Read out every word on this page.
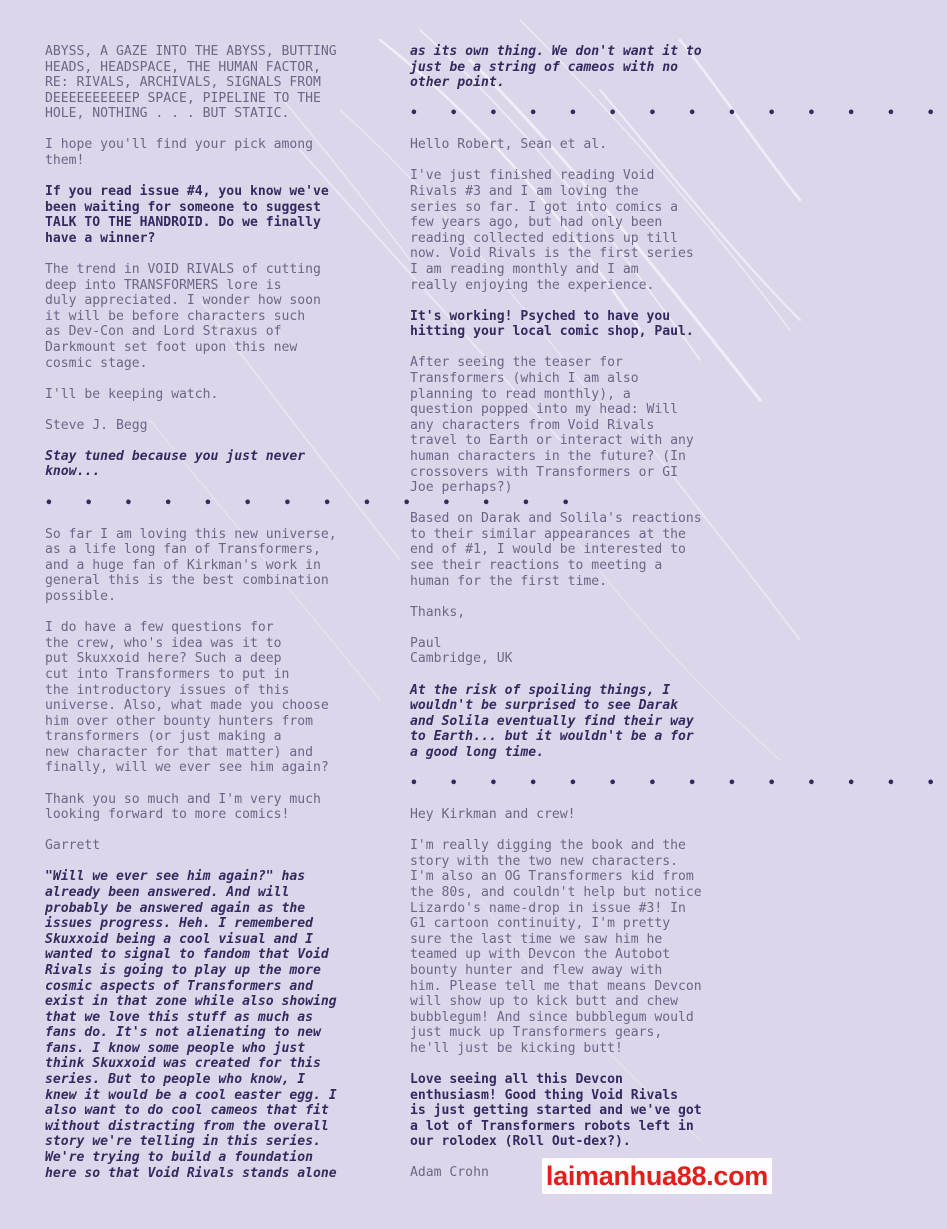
ABYSS, A GAZE INTO THE ABYSS, BUTTING
HEADS, HEADSPACE, THE HUMAN FACTOR,
RE: RIVALS, ARCHIVALS, SIGNALS FROM
DEEEEEEEEEEP SPACE, PIPELINE TO THE
HOLE, NOTHING . . . BUT STATIC.

I hope you'll find your pick among
them!

If you read issue #4, you know we've
been waiting for someone to suggest
TALK TO THE HANDROID. Do we finally
have a winner?

The trend in VOID RIVALS of cutting
deep into TRANSFORMERS lore is
duly appreciated. I wonder how soon
it will be before characters such
as Dev-Con and Lord Straxus of
Darkmount set foot upon this new
cosmic stage.

I'll be keeping watch.

Steve J. Begg

Stay tuned because you just never
know...

• • • • • • • • • • • • • •

So far I am loving this new universe,
as a life long fan of Transformers,
and a huge fan of Kirkman's work in
general this is the best combination
possible.

I do have a few questions for
the crew, who's idea was it to
put Skuxxoid here? Such a deep
cut into Transformers to put in
the introductory issues of this
universe. Also, what made you choose
him over other bounty hunters from
transformers (or just making a
new character for that matter) and
finally, will we ever see him again?

Thank you so much and I'm very much
looking forward to more comics!

Garrett

"Will we ever see him again?" has
already been answered. And will
probably be answered again as the
issues progress. Heh. I remembered
Skuxxoid being a cool visual and I
wanted to signal to fandom that Void
Rivals is going to play up the more
cosmic aspects of Transformers and
exist in that zone while also showing
that we love this stuff as much as
fans do. It's not alienating to new
fans. I know some people who just
think Skuxxoid was created for this
series. But to people who know, I
knew it would be a cool easter egg. I
also want to do cool cameos that fit
without distracting from the overall
story we're telling in this series.
We're trying to build a foundation
here so that Void Rivals stands alone

as its own thing. We don't want it to
just be a string of cameos with no
other point.

• • • • • • • • • • • • • •

Hello Robert, Sean et al.

I've just finished reading Void
Rivals #3 and I am loving the
series so far. I got into comics a
few years ago, but had only been
reading collected editions up till
now. Void Rivals is the first series
I am reading monthly and I am
really enjoying the experience.

It's working! Psyched to have you
hitting your local comic shop, Paul.

After seeing the teaser for
Transformers (which I am also
planning to read monthly), a
question popped into my head: Will
any characters from Void Rivals
travel to Earth or interact with any
human characters in the future? (In
crossovers with Transformers or GI
Joe perhaps?)

Based on Darak and Solila's reactions
to their similar appearances at the
end of #1, I would be interested to
see their reactions to meeting a
human for the first time.

Thanks,

Paul
Cambridge, UK

At the risk of spoiling things, I
wouldn't be surprised to see Darak
and Solila eventually find their way
to Earth... but it wouldn't be a for
a good long time.

• • • • • • • • • • • • • •

Hey Kirkman and crew!

I'm really digging the book and the
story with the two new characters.
I'm also an OG Transformers kid from
the 80s, and couldn't help but notice
Lizardo's name-drop in issue #3! In
G1 cartoon continuity, I'm pretty
sure the last time we saw him he
teamed up with Devcon the Autobot
bounty hunter and flew away with
him. Please tell me that means Devcon
will show up to kick butt and chew
bubblegum! And since bubblegum would
just muck up Transformers gears,
he'll just be kicking butt!

Love seeing all this Devcon
enthusiasm! Good thing Void Rivals
is just getting started and we've got
a lot of Transformers robots left in
our rolodex (Roll Out-dex?).

Adam Crohn	laimanhua88.com
